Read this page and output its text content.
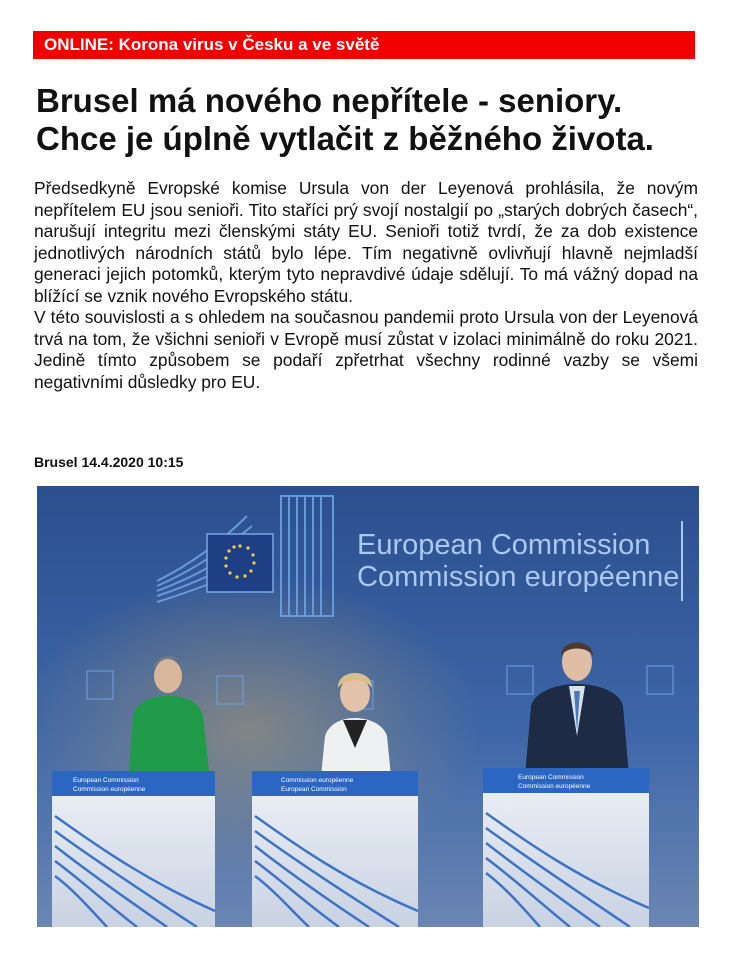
ONLINE: Korona virus v Česku a ve světě
Brusel má nového nepřítele - seniory.
Chce je úplně vytlačit z běžného života.

Předsedkyně Evropské komise Ursula von der Leyenová prohlásila, že novým nepřítelem EU jsou senioři. Tito staříci prý svojí nostalgií po „starých dobrých časech“, narušují integritu mezi členskými státy EU. Senioři totiž tvrdí, že za dob existence jednotlivých národních států bylo lépe. Tím negativně ovlivňují hlavně nejmladší generaci jejich potomků, kterým tyto nepravdivé údaje sdělují. To má vážný dopad na blížící se vznik nového Evropského státu.

V této souvislosti a s ohledem na současnou pandemii proto Ursula von der Leyenová trvá na tom, že všichni senioři v Evropě musí zůstat v izolaci minimálně do roku 2021. Jedině tímto způsobem se podaří zpřetrhat všechny rodinné vazby se všemi negativními důsledky pro EU.

Brusel 14.4.2020 10:15
European Commission
Commission européenne
European Commission
Commission européenne
Commission européenne
European Commission
European Commission
Commission européenne
